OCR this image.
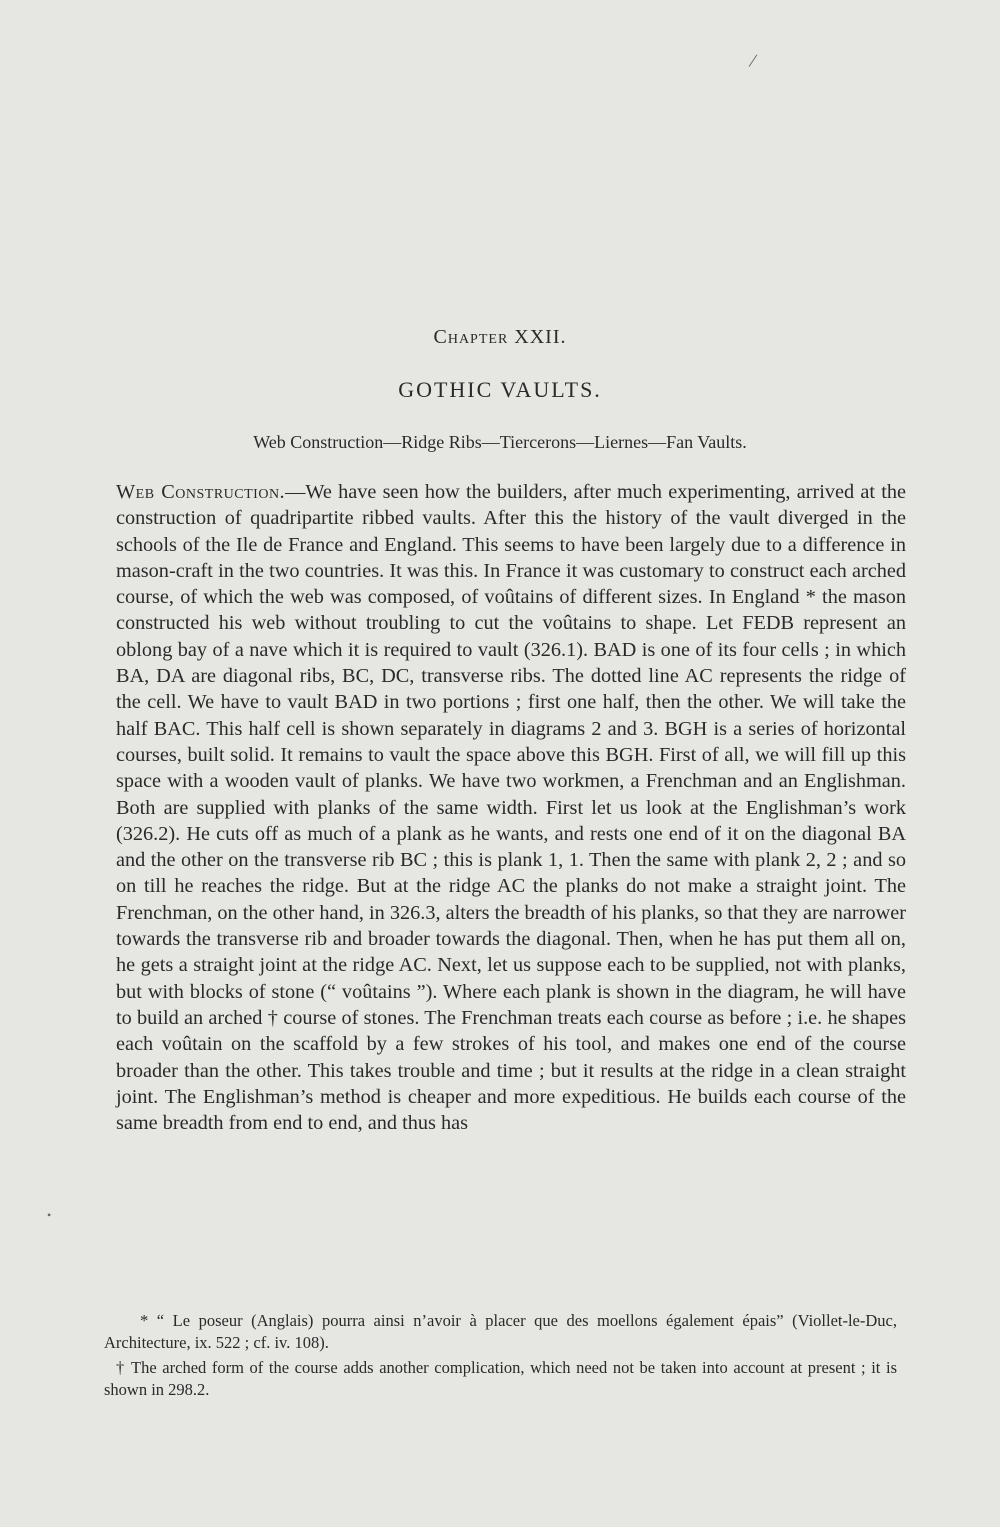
/
•
Chapter XXII.
GOTHIC VAULTS.
Web Construction—Ridge Ribs—Tiercerons—Liernes—Fan Vaults.

Web Construction.—We have seen how the builders, after much experimenting, arrived at the construction of quadripartite ribbed vaults. After this the history of the vault diverged in the schools of the Ile de France and England. This seems to have been largely due to a difference in mason-craft in the two countries. It was this. In France it was customary to construct each arched course, of which the web was composed, of voûtains of different sizes. In England * the mason constructed his web without troubling to cut the voûtains to shape. Let FEDB represent an oblong bay of a nave which it is required to vault (326.1). BAD is one of its four cells ; in which BA, DA are diagonal ribs, BC, DC, transverse ribs. The dotted line AC represents the ridge of the cell. We have to vault BAD in two portions ; first one half, then the other. We will take the half BAC. This half cell is shown separately in diagrams 2 and 3. BGH is a series of horizontal courses, built solid. It remains to vault the space above this BGH. First of all, we will fill up this space with a wooden vault of planks. We have two workmen, a Frenchman and an Englishman. Both are supplied with planks of the same width. First let us look at the Englishman’s work (326.2). He cuts off as much of a plank as he wants, and rests one end of it on the diagonal BA and the other on the transverse rib BC ; this is plank 1, 1. Then the same with plank 2, 2 ; and so on till he reaches the ridge. But at the ridge AC the planks do not make a straight joint. The Frenchman, on the other hand, in 326.3, alters the breadth of his planks, so that they are narrower towards the transverse rib and broader towards the diagonal. Then, when he has put them all on, he gets a straight joint at the ridge AC. Next, let us suppose each to be supplied, not with planks, but with blocks of stone (“ voûtains ”). Where each plank is shown in the diagram, he will have to build an arched † course of stones. The Frenchman treats each course as before ; i.e. he shapes each voûtain on the scaffold by a few strokes of his tool, and makes one end of the course broader than the other. This takes trouble and time ; but it results at the ridge in a clean straight joint. The Englishman’s method is cheaper and more expeditious. He builds each course of the same breadth from end to end, and thus has

* “ Le poseur (Anglais) pourra ainsi n’avoir à placer que des moellons également épais” (Viollet-le-Duc, Architecture, ix. 522 ; cf. iv. 108).

† The arched form of the course adds another complication, which need not be taken into account at present ; it is shown in 298.2.
